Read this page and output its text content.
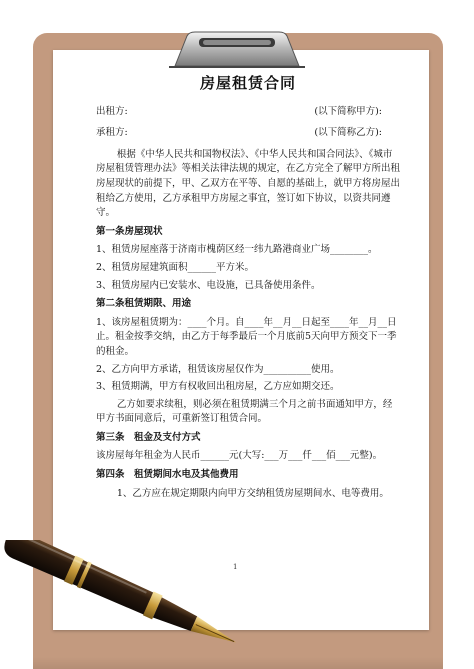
房屋租赁合同
出租方:	(以下简称甲方):
承租方:	(以下简称乙方):
根据《中华人民共和国物权法》、《中华人民共和国合同法》、《城市房屋租赁管理办法》等相关法律法规的规定，在乙方完全了解甲方所出租房屋现状的前提下，甲、乙双方在平等、自愿的基础上，就甲方将房屋出租给乙方使用，乙方承租甲方房屋之事宜，签订如下协议，以资共同遵守。
第一条房屋现状
1、租赁房屋座落于济南市槐荫区经一纬九路港商业广场________。
2、租赁房屋建筑面积______平方米。
3、租赁房屋内已安装水、电设施，已具备使用条件。
第二条租赁期限、用途
1、该房屋租赁期为：____个月。自____年__月__日起至____年__月__日止。租金按季交纳，由乙方于每季最后一个月底前5天向甲方预交下一季的租金。
2、乙方向甲方承诺，租赁该房屋仅作为__________使用。
3、租赁期满，甲方有权收回出租房屋，乙方应如期交还。
乙方如要求续租，则必须在租赁期满三个月之前书面通知甲方，经甲方书面同意后，可重新签订租赁合同。
第三条　租金及支付方式
该房屋每年租金为人民币______元(大写:___万___仟___佰___元整)。
第四条　租赁期间水电及其他费用
1、乙方应在规定期限内向甲方交纳租赁房屋期间水、电等费用。
1
